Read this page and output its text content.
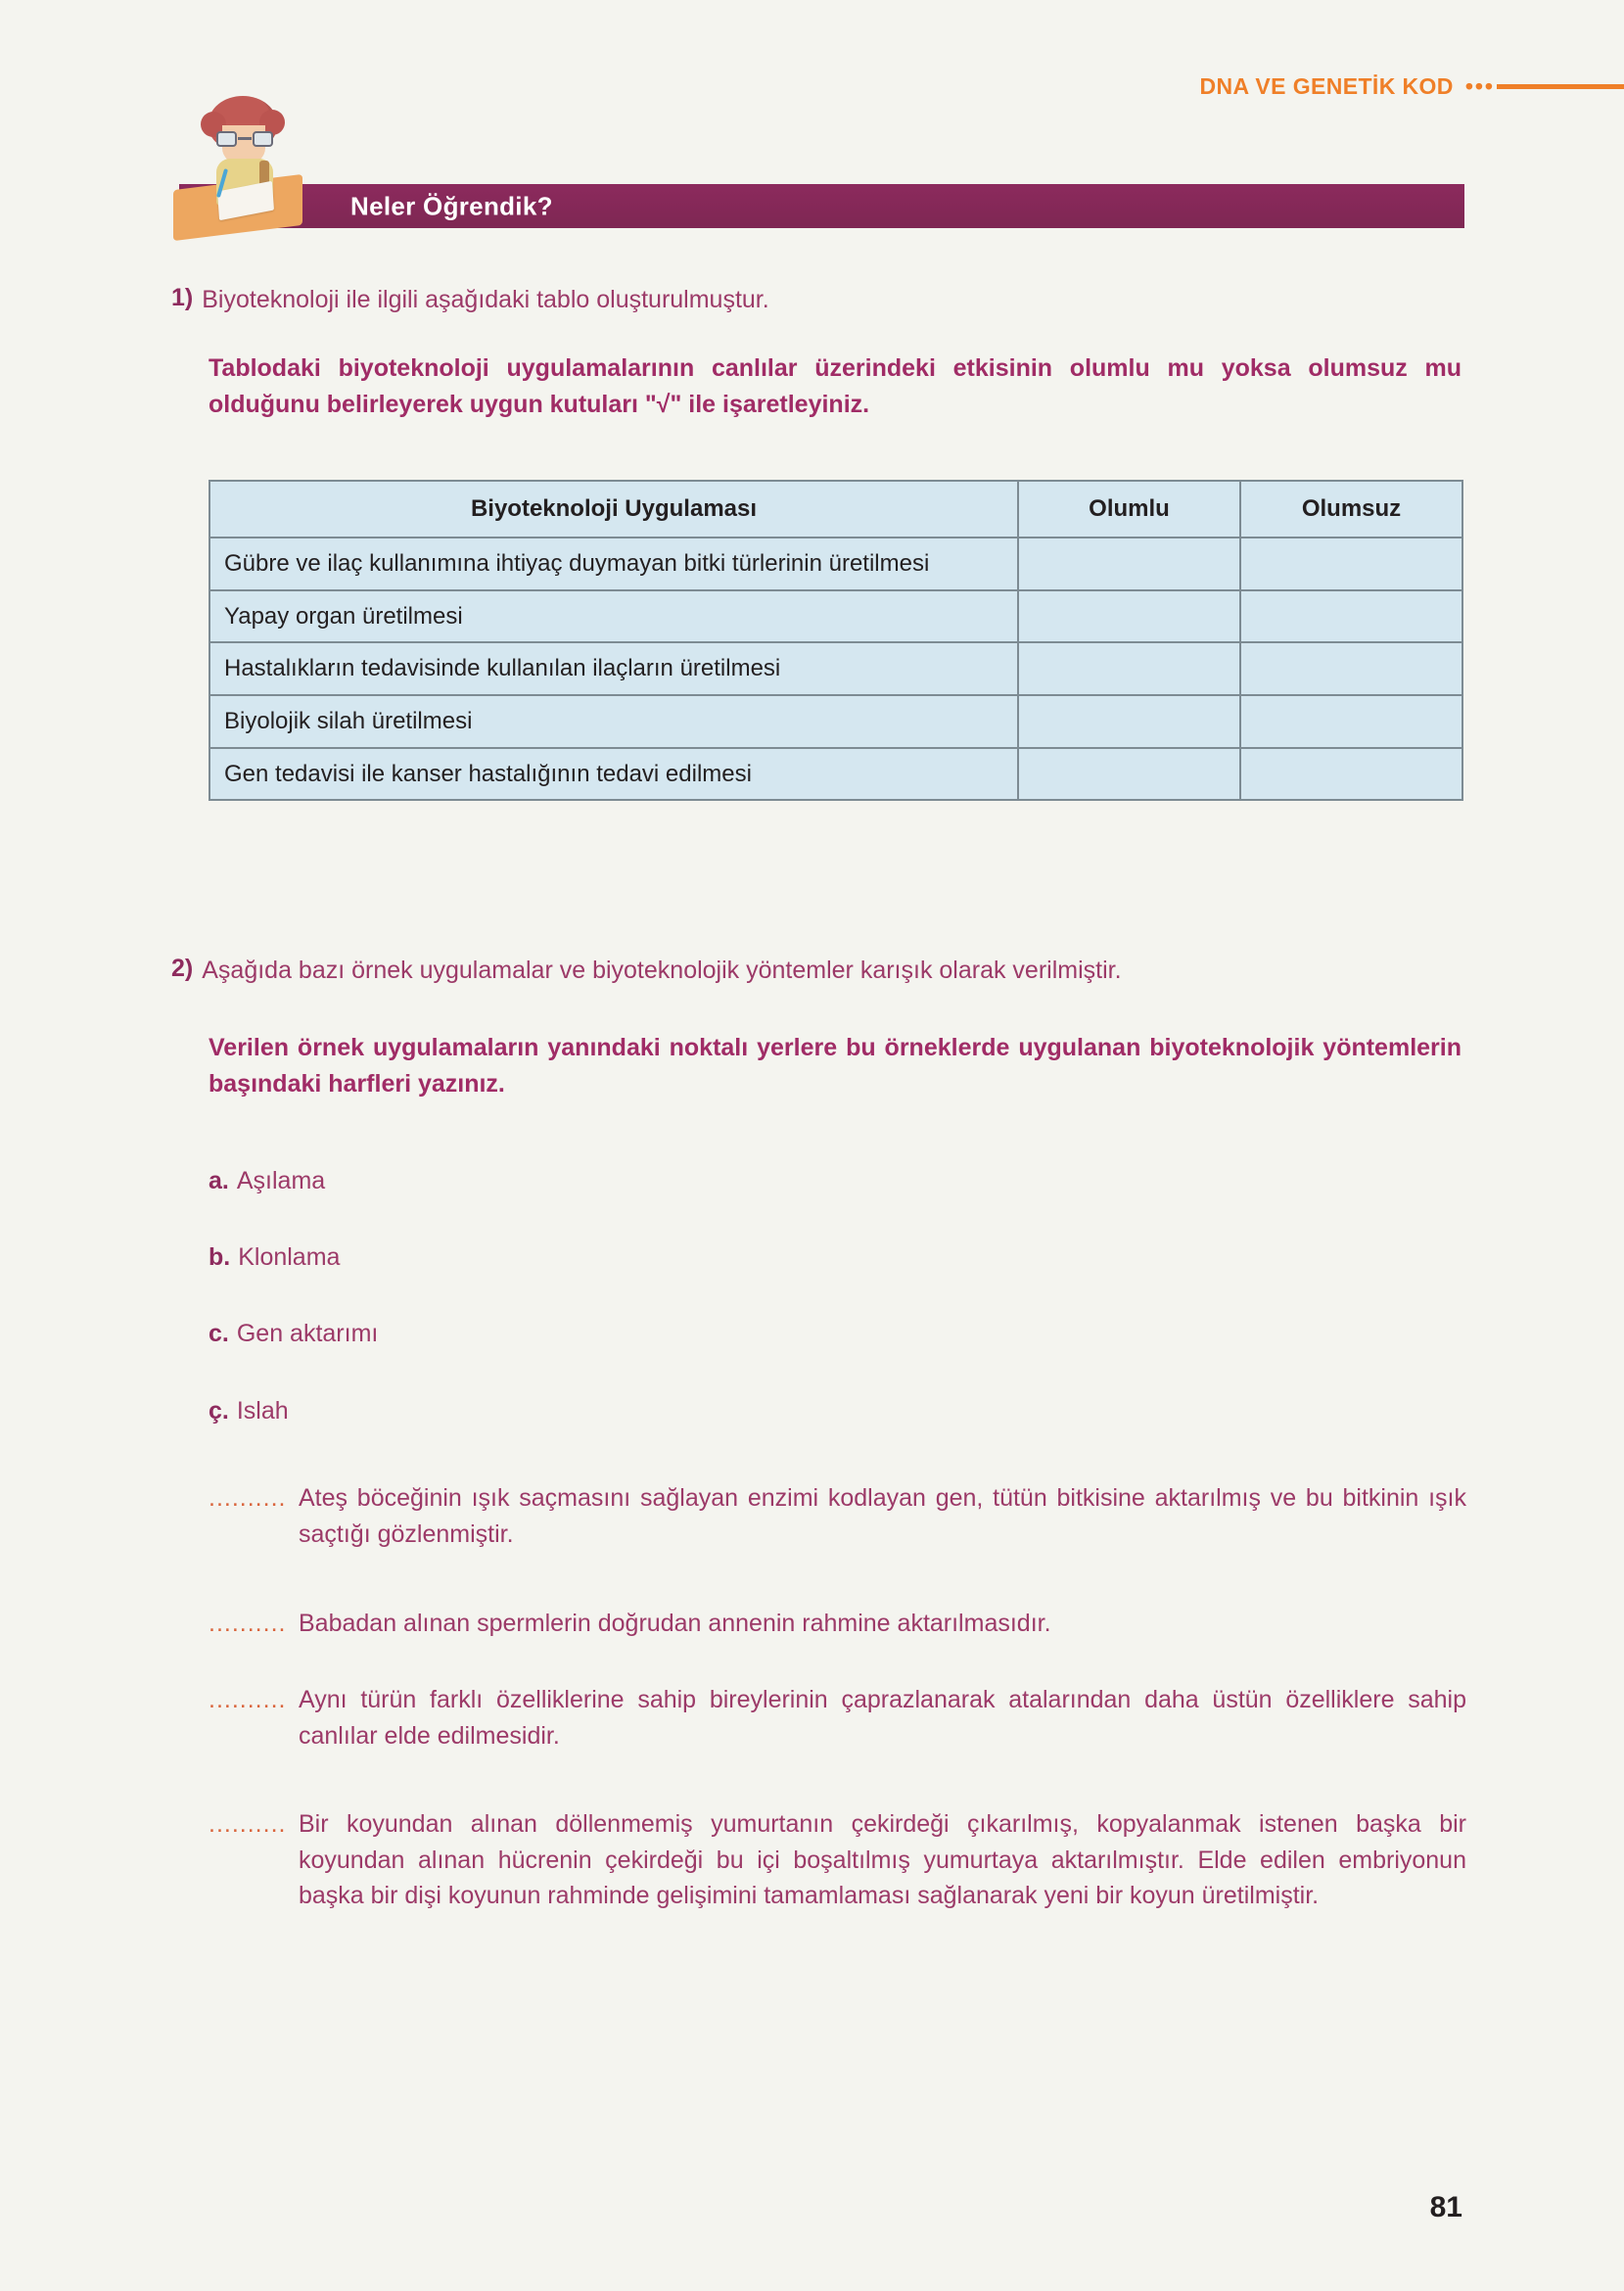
DNA VE GENETİK KOD •••
Neler Öğrendik?
1) Biyoteknoloji ile ilgili aşağıdaki tablo oluşturulmuştur.
Tablodaki biyoteknoloji uygulamalarının canlılar üzerindeki etkisinin olumlu mu yoksa olumsuz mu olduğunu belirleyerek uygun kutuları "√" ile işaretleyiniz.
Biyoteknoloji Uygulaması	Olumlu	Olumsuz
Gübre ve ilaç kullanımına ihtiyaç duymayan bitki türlerinin üretilmesi		
Yapay organ üretilmesi		
Hastalıkların tedavisinde kullanılan ilaçların üretilmesi		
Biyolojik silah üretilmesi		
Gen tedavisi ile kanser hastalığının tedavi edilmesi		
2) Aşağıda bazı örnek uygulamalar ve biyoteknolojik yöntemler karışık olarak verilmiştir.
Verilen örnek uygulamaların yanındaki noktalı yerlere bu örneklerde uygulanan biyoteknolojik yöntemlerin başındaki harfleri yazınız.
a. Aşılama
b. Klonlama
c. Gen aktarımı
ç. Islah
.......... Ateş böceğinin ışık saçmasını sağlayan enzimi kodlayan gen, tütün bitkisine aktarılmış ve bu bitkinin ışık saçtığı gözlenmiştir.
.......... Babadan alınan spermlerin doğrudan annenin rahmine aktarılmasıdır.
.......... Aynı türün farklı özelliklerine sahip bireylerinin çaprazlanarak atalarından daha üstün özelliklere sahip canlılar elde edilmesidir.
.......... Bir koyundan alınan döllenmemiş yumurtanın çekirdeği çıkarılmış, kopyalanmak istenen başka bir koyundan alınan hücrenin çekirdeği bu içi boşaltılmış yumurtaya aktarılmıştır. Elde edilen embriyonun başka bir dişi koyunun rahminde gelişimini tamamlaması sağlanarak yeni bir koyun üretilmiştir.
81
